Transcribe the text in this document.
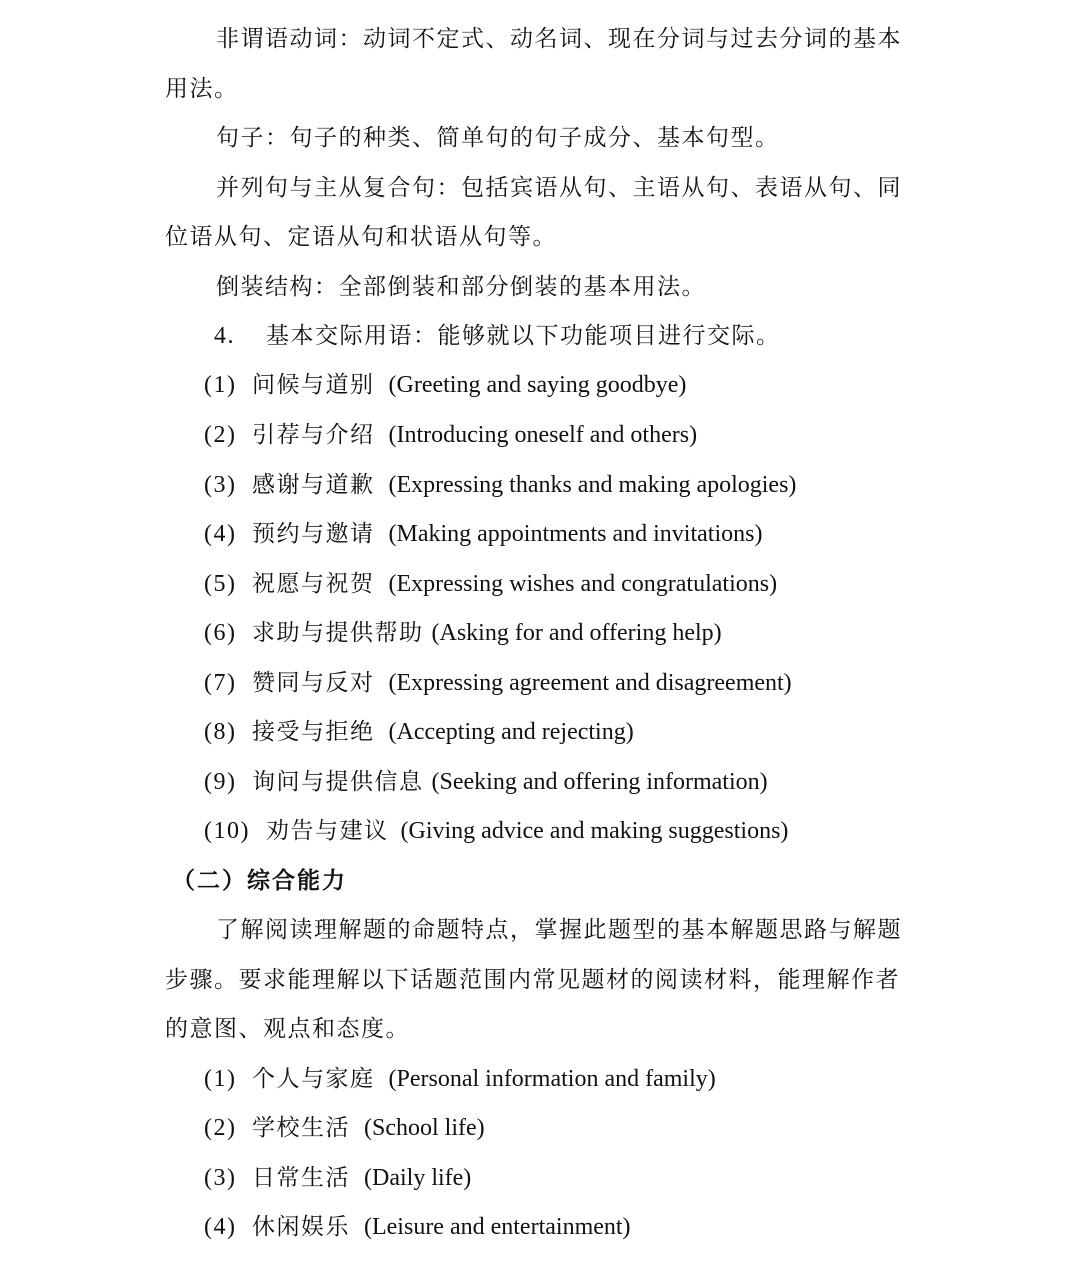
非谓语动词：动词不定式、动名词、现在分词与过去分词的基本
用法。
句子：句子的种类、简单句的句子成分、基本句型。
并列句与主从复合句：包括宾语从句、主语从句、表语从句、同
位语从句、定语从句和状语从句等。
倒装结构：全部倒装和部分倒装的基本用法。
4. 基本交际用语：能够就以下功能项目进行交际。
(1) 问候与道别 (Greeting and saying goodbye)
(2) 引荐与介绍 (Introducing oneself and others)
(3) 感谢与道歉 (Expressing thanks and making apologies)
(4) 预约与邀请 (Making appointments and invitations)
(5) 祝愿与祝贺 (Expressing wishes and congratulations)
(6) 求助与提供帮助 (Asking for and offering help)
(7) 赞同与反对 (Expressing agreement and disagreement)
(8) 接受与拒绝 (Accepting and rejecting)
(9) 询问与提供信息 (Seeking and offering information)
(10) 劝告与建议 (Giving advice and making suggestions)
（二）综合能力
了解阅读理解题的命题特点，掌握此题型的基本解题思路与解题
步骤。要求能理解以下话题范围内常见题材的阅读材料，能理解作者
的意图、观点和态度。
(1) 个人与家庭 (Personal information and family)
(2) 学校生活 (School life)
(3) 日常生活 (Daily life)
(4) 休闲娱乐 (Leisure and entertainment)
